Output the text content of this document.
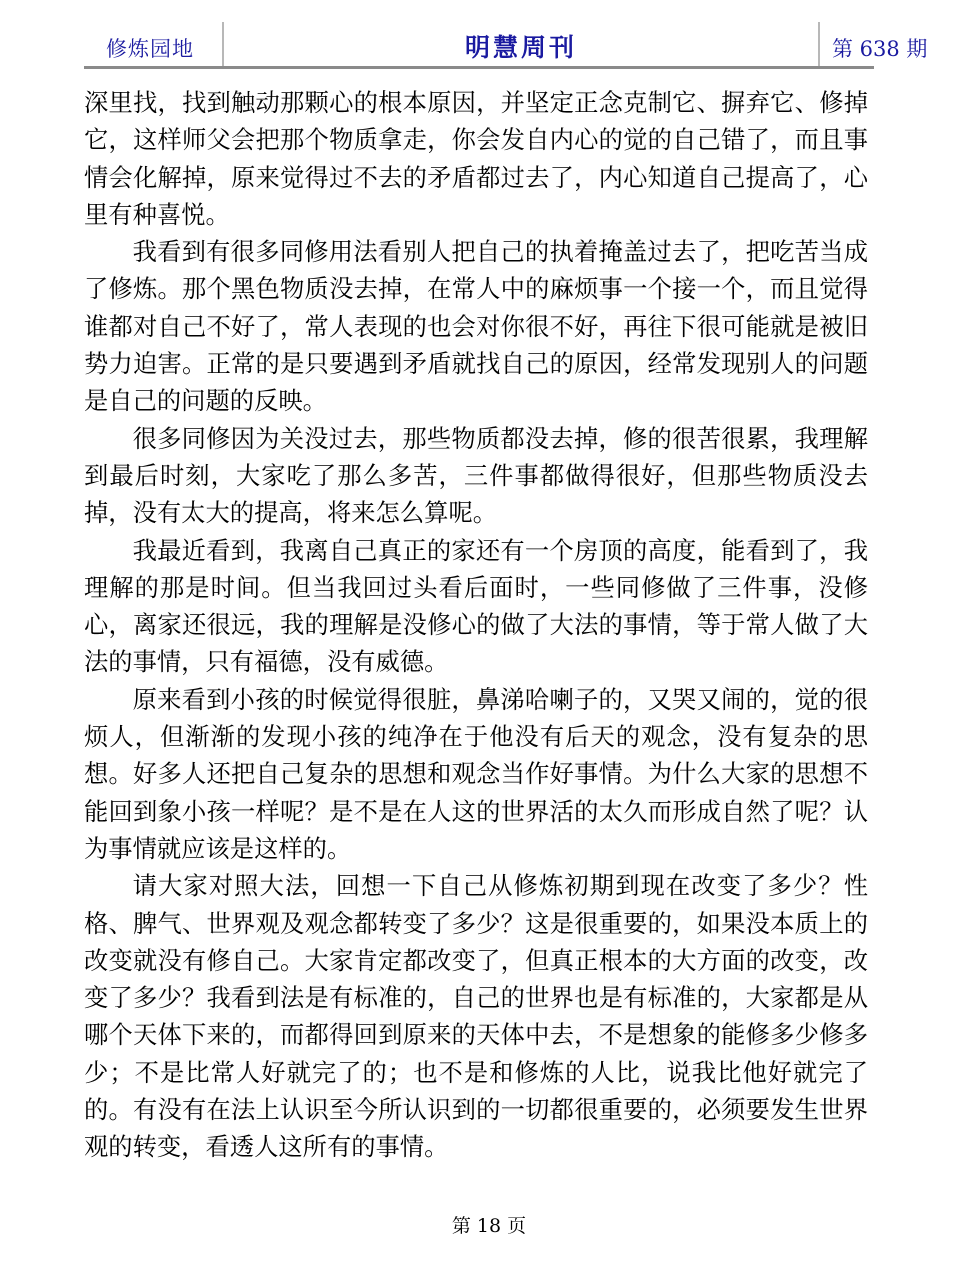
修炼园地	明慧周刊	第 638 期

深里找，找到触动那颗心的根本原因，并坚定正念克制它、摒弃它、修掉它，这样师父会把那个物质拿走，你会发自内心的觉的自己错了，而且事情会化解掉，原来觉得过不去的矛盾都过去了，内心知道自己提高了，心里有种喜悦。

我看到有很多同修用法看别人把自己的执着掩盖过去了，把吃苦当成了修炼。那个黑色物质没去掉，在常人中的麻烦事一个接一个，而且觉得谁都对自己不好了，常人表现的也会对你很不好，再往下很可能就是被旧势力迫害。正常的是只要遇到矛盾就找自己的原因，经常发现别人的问题是自己的问题的反映。

很多同修因为关没过去，那些物质都没去掉，修的很苦很累，我理解到最后时刻，大家吃了那么多苦，三件事都做得很好，但那些物质没去掉，没有太大的提高，将来怎么算呢。

我最近看到，我离自己真正的家还有一个房顶的高度，能看到了，我理解的那是时间。但当我回过头看后面时，一些同修做了三件事，没修心，离家还很远，我的理解是没修心的做了大法的事情，等于常人做了大法的事情，只有福德，没有威德。

原来看到小孩的时候觉得很脏，鼻涕哈喇子的，又哭又闹的，觉的很烦人，但渐渐的发现小孩的纯净在于他没有后天的观念，没有复杂的思想。好多人还把自己复杂的思想和观念当作好事情。为什么大家的思想不能回到象小孩一样呢？是不是在人这的世界活的太久而形成自然了呢？认为事情就应该是这样的。

请大家对照大法，回想一下自己从修炼初期到现在改变了多少？性格、脾气、世界观及观念都转变了多少？这是很重要的，如果没本质上的改变就没有修自己。大家肯定都改变了，但真正根本的大方面的改变，改变了多少？我看到法是有标准的，自己的世界也是有标准的，大家都是从哪个天体下来的，而都得回到原来的天体中去，不是想象的能修多少修多少；不是比常人好就完了的；也不是和修炼的人比，说我比他好就完了的。有没有在法上认识至今所认识到的一切都很重要的，必须要发生世界观的转变，看透人这所有的事情。

第 18 页
